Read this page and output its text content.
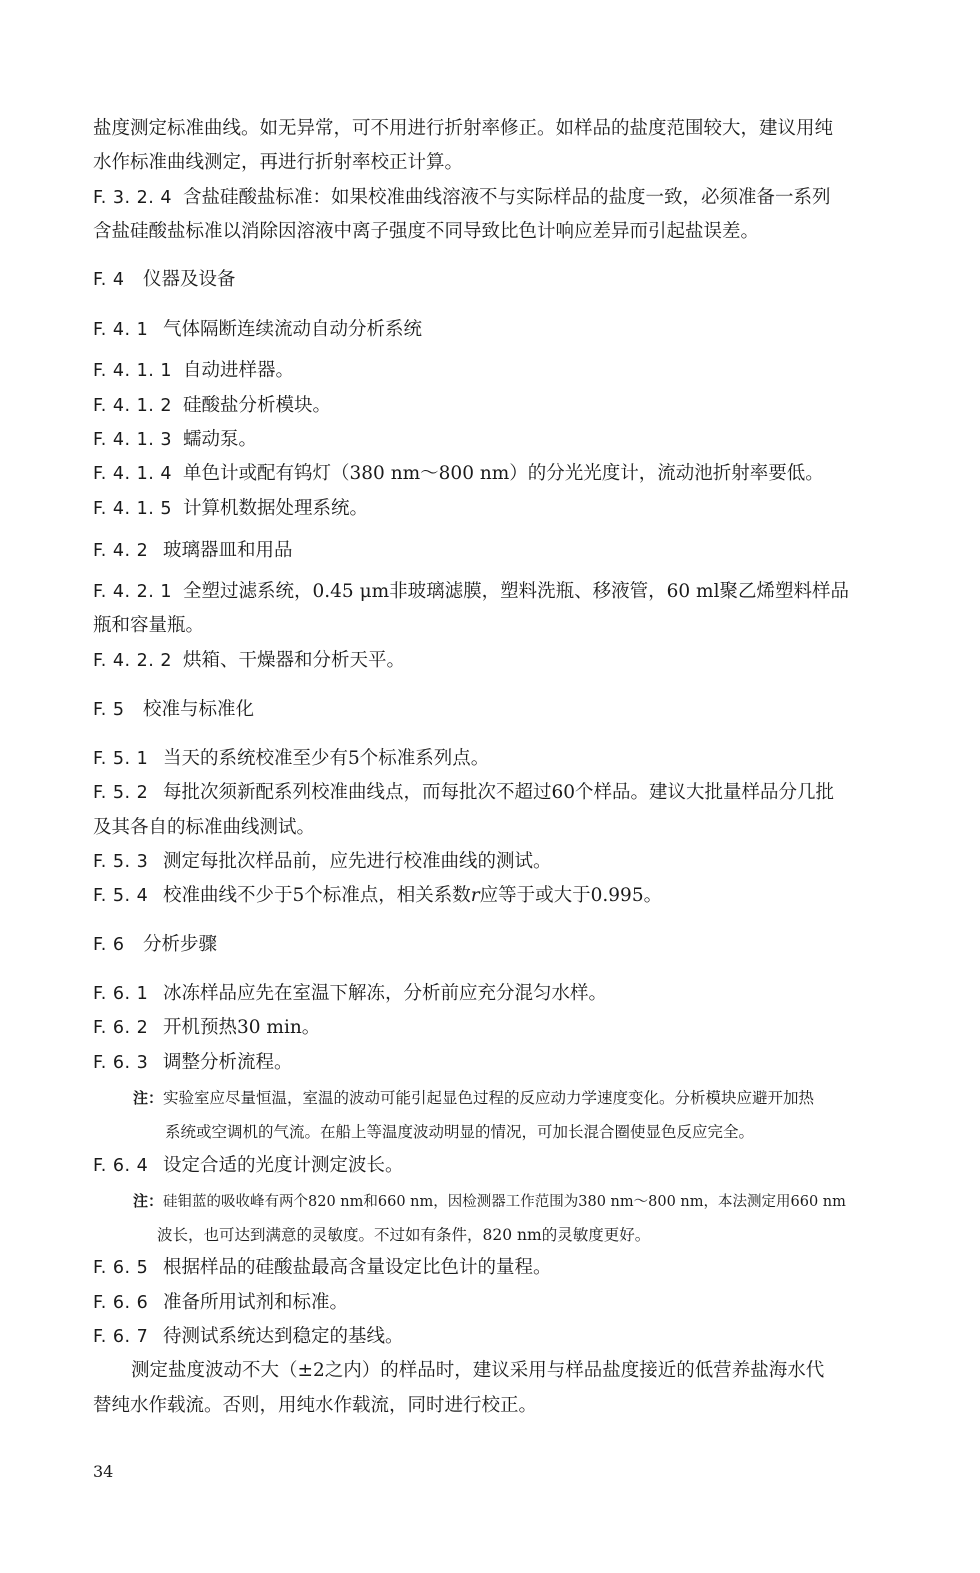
盐度测定标准曲线。如无异常，可不用进行折射率修正。如样品的盐度范围较大，建议用纯
水作标准曲线测定，再进行折射率校正计算。
F. 3. 2. 4 含盐硅酸盐标准：如果校准曲线溶液不与实际样品的盐度一致，必须准备一系列
含盐硅酸盐标准以消除因溶液中离子强度不同导致比色计响应差异而引起盐误差。
F. 4 仪器及设备
F. 4. 1 气体隔断连续流动自动分析系统
F. 4. 1. 1 自动进样器。
F. 4. 1. 2 硅酸盐分析模块。
F. 4. 1. 3 蠕动泵。
F. 4. 1. 4 单色计或配有钨灯（380 nm～800 nm）的分光光度计，流动池折射率要低。
F. 4. 1. 5 计算机数据处理系统。
F. 4. 2 玻璃器皿和用品
F. 4. 2. 1 全塑过滤系统，0.45 μm非玻璃滤膜，塑料洗瓶、移液管，60 ml聚乙烯塑料样品
瓶和容量瓶。
F. 4. 2. 2 烘箱、干燥器和分析天平。
F. 5 校准与标准化
F. 5. 1 当天的系统校准至少有5个标准系列点。
F. 5. 2 每批次须新配系列校准曲线点，而每批次不超过60个样品。建议大批量样品分几批
及其各自的标准曲线测试。
F. 5. 3 测定每批次样品前，应先进行校准曲线的测试。
F. 5. 4 校准曲线不少于5个标准点，相关系数r应等于或大于0.995。
F. 6 分析步骤
F. 6. 1 冰冻样品应先在室温下解冻，分析前应充分混匀水样。
F. 6. 2 开机预热30 min。
F. 6. 3 调整分析流程。
注：实验室应尽量恒温，室温的波动可能引起显色过程的反应动力学速度变化。分析模块应避开加热
系统或空调机的气流。在船上等温度波动明显的情况，可加长混合圈使显色反应完全。
F. 6. 4 设定合适的光度计测定波长。
注：硅钼蓝的吸收峰有两个820 nm和660 nm，因检测器工作范围为380 nm～800 nm，本法测定用660 nm
波长，也可达到满意的灵敏度。不过如有条件，820 nm的灵敏度更好。
F. 6. 5 根据样品的硅酸盐最高含量设定比色计的量程。
F. 6. 6 准备所用试剂和标准。
F. 6. 7 待测试系统达到稳定的基线。
测定盐度波动不大（±2之内）的样品时，建议采用与样品盐度接近的低营养盐海水代
替纯水作载流。否则，用纯水作载流，同时进行校正。
34
